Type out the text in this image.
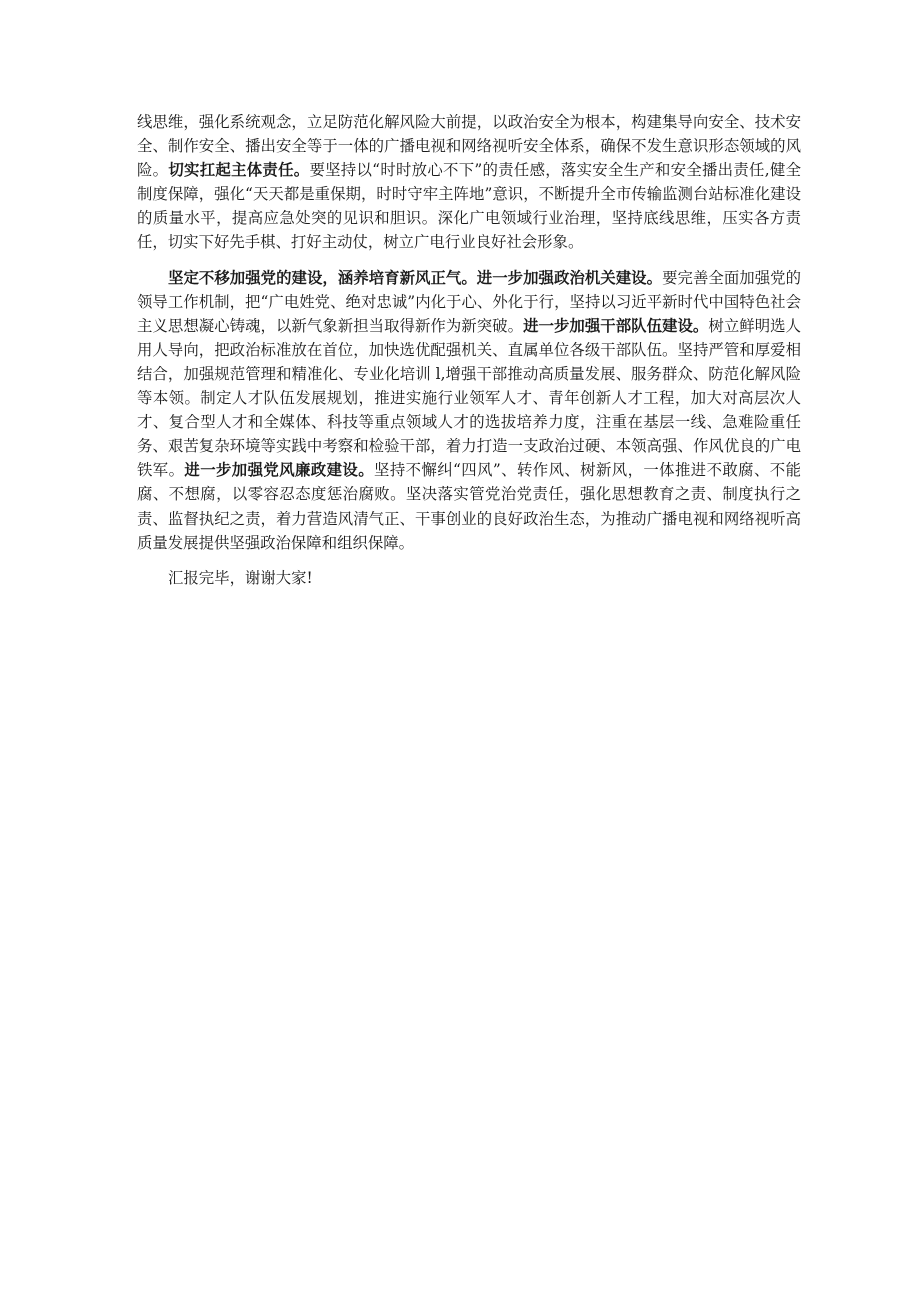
线思维，强化系统观念，立足防范化解风险大前提，以政治安全为根本，构建集导向安全、技术安全、制作安全、播出安全等于一体的广播电视和网络视听安全体系，确保不发生意识形态领域的风险。切实扛起主体责任。要坚持以“时时放心不下”的责任感，落实安全生产和安全播出责任,健全制度保障，强化“天天都是重保期，时时守牢主阵地”意识，不断提升全市传输监测台站标准化建设的质量水平，提高应急处突的见识和胆识。深化广电领域行业治理，坚持底线思维，压实各方责任，切实下好先手棋、打好主动仗，树立广电行业良好社会形象。

坚定不移加强党的建设，涵养培育新风正气。进一步加强政治机关建设。要完善全面加强党的领导工作机制，把“广电姓党、绝对忠诚”内化于心、外化于行，坚持以习近平新时代中国特色社会主义思想凝心铸魂，以新气象新担当取得新作为新突破。进一步加强干部队伍建设。树立鲜明选人用人导向，把政治标准放在首位，加快选优配强机关、直属单位各级干部队伍。坚持严管和厚爱相结合，加强规范管理和精准化、专业化培训 l,增强干部推动高质量发展、服务群众、防范化解风险等本领。制定人才队伍发展规划，推进实施行业领军人才、青年创新人才工程，加大对高层次人才、复合型人才和全媒体、科技等重点领域人才的选拔培养力度，注重在基层一线、急难险重任务、艰苦复杂环境等实践中考察和检验干部，着力打造一支政治过硬、本领高强、作风优良的广电铁军。进一步加强党风廉政建设。坚持不懈纠“四风”、转作风、树新风，一体推进不敢腐、不能腐、不想腐，以零容忍态度惩治腐败。坚决落实管党治党责任，强化思想教育之责、制度执行之责、监督执纪之责，着力营造风清气正、干事创业的良好政治生态，为推动广播电视和网络视听高质量发展提供坚强政治保障和组织保障。

汇报完毕，谢谢大家!
